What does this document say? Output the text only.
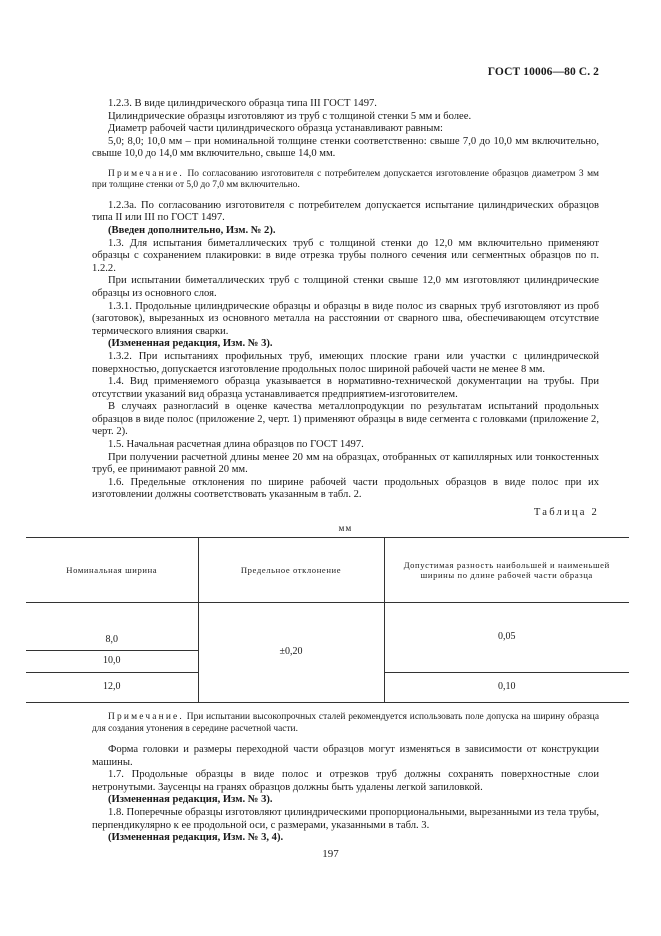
ГОСТ 10006—80 С. 2

1.2.3. В виде цилиндрического образца типа III ГОСТ 1497.

Цилиндрические образцы изготовляют из труб с толщиной стенки 5 мм и более.

Диаметр рабочей части цилиндрического образца устанавливают равным:

5,0; 8,0; 10,0 мм – при номинальной толщине стенки соответственно: свыше 7,0 до 10,0 мм включительно, свыше 10,0 до 14,0 мм включительно, свыше 14,0 мм.

Примечание. По согласованию изготовителя с потребителем допускается изготовление образцов диаметром 3 мм при толщине стенки от 5,0 до 7,0 мм включительно.

1.2.3а. По согласованию изготовителя с потребителем допускается испытание цилиндрических образцов типа II или III по ГОСТ 1497.

(Введен дополнительно, Изм. № 2).

1.3. Для испытания биметаллических труб с толщиной стенки до 12,0 мм включительно применяют образцы с сохранением плакировки: в виде отрезка трубы полного сечения или сегментных образцов по п. 1.2.2.

При испытании биметаллических труб с толщиной стенки свыше 12,0 мм изготовляют цилиндрические образцы из основного слоя.

1.3.1. Продольные цилиндрические образцы и образцы в виде полос из сварных труб изготовляют из проб (заготовок), вырезанных из основного металла на расстоянии от сварного шва, обеспечивающем отсутствие термического влияния сварки.

(Измененная редакция, Изм. № 3).

1.3.2. При испытаниях профильных труб, имеющих плоские грани или участки с цилиндрической поверхностью, допускается изготовление продольных полос шириной рабочей части не менее 8 мм.

1.4. Вид применяемого образца указывается в нормативно-технической документации на трубы. При отсутствии указаний вид образца устанавливается предприятием-изготовителем.

В случаях разногласий в оценке качества металлопродукции по результатам испытаний продольных образцов в виде полос (приложение 2, черт. 1) применяют образцы в виде сегмента с головками (приложение 2, черт. 2).

1.5. Начальная расчетная длина образцов по ГОСТ 1497.

При получении расчетной длины менее 20 мм на образцах, отобранных от капиллярных или тонкостенных труб, ее принимают равной 20 мм.

1.6. Предельные отклонения по ширине рабочей части продольных образцов в виде полос при их изготовлении должны соответствовать указанным в табл. 2.

Таблица 2

мм

Номинальная ширина	Предельное отклонение	Допустимая разность наибольшей и наименьшей ширины по длине рабочей части образца
8,0	±0,20	0,05
10,0		
12,0		0,10

Примечание. При испытании высокопрочных сталей рекомендуется использовать поле допуска на ширину образца для создания утонения в середине расчетной части.

Форма головки и размеры переходной части образцов могут изменяться в зависимости от конструкции машины.

1.7. Продольные образцы в виде полос и отрезков труб должны сохранять поверхностные слои нетронутыми. Заусенцы на гранях образцов должны быть удалены легкой запиловкой.

(Измененная редакция, Изм. № 3).

1.8. Поперечные образцы изготовляют цилиндрическими пропорциональными, вырезанными из тела трубы, перпендикулярно к ее продольной оси, с размерами, указанными в табл. 3.

(Измененная редакция, Изм. № 3, 4).

197
